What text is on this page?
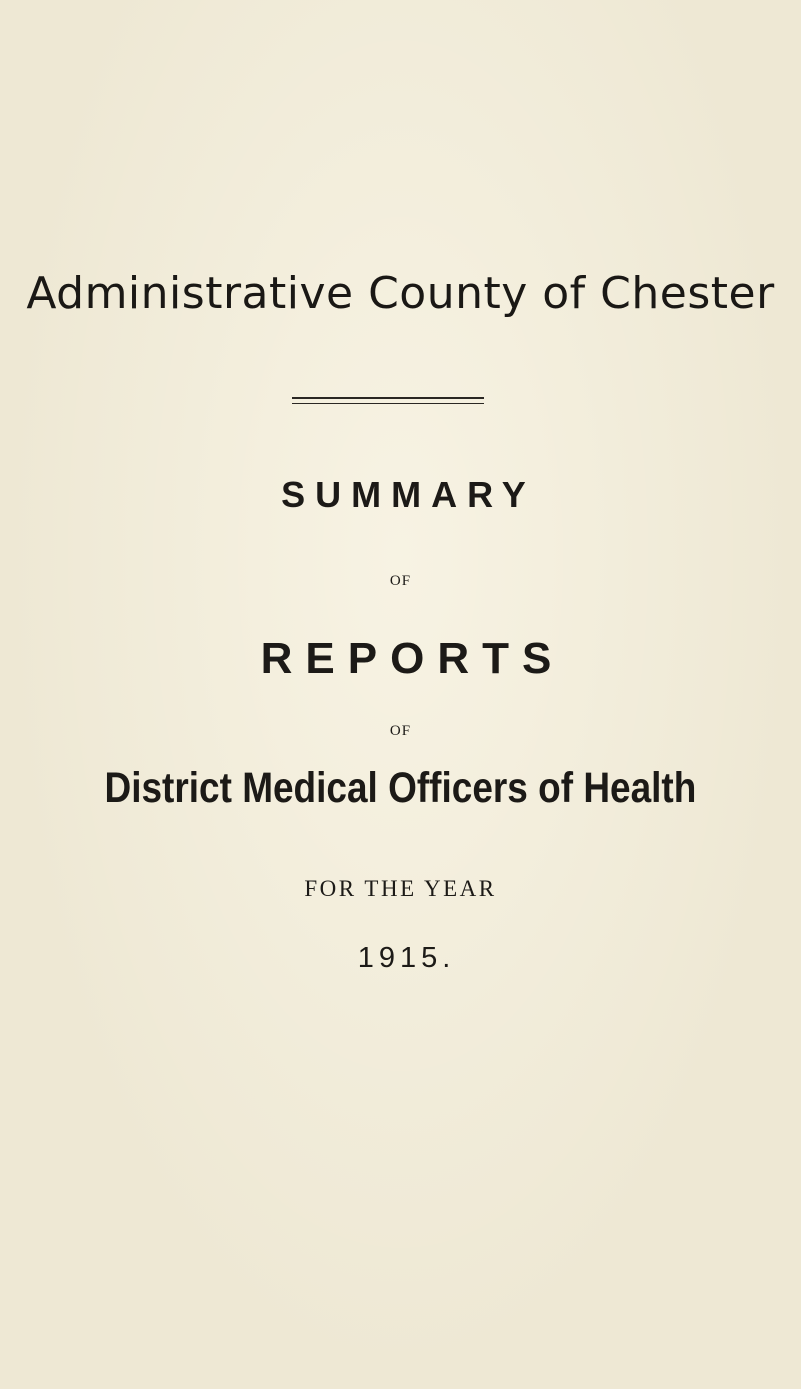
Administrative County of Chester
SUMMARY
OF
REPORTS
OF
District Medical Officers of Health
FOR THE YEAR
1915.
